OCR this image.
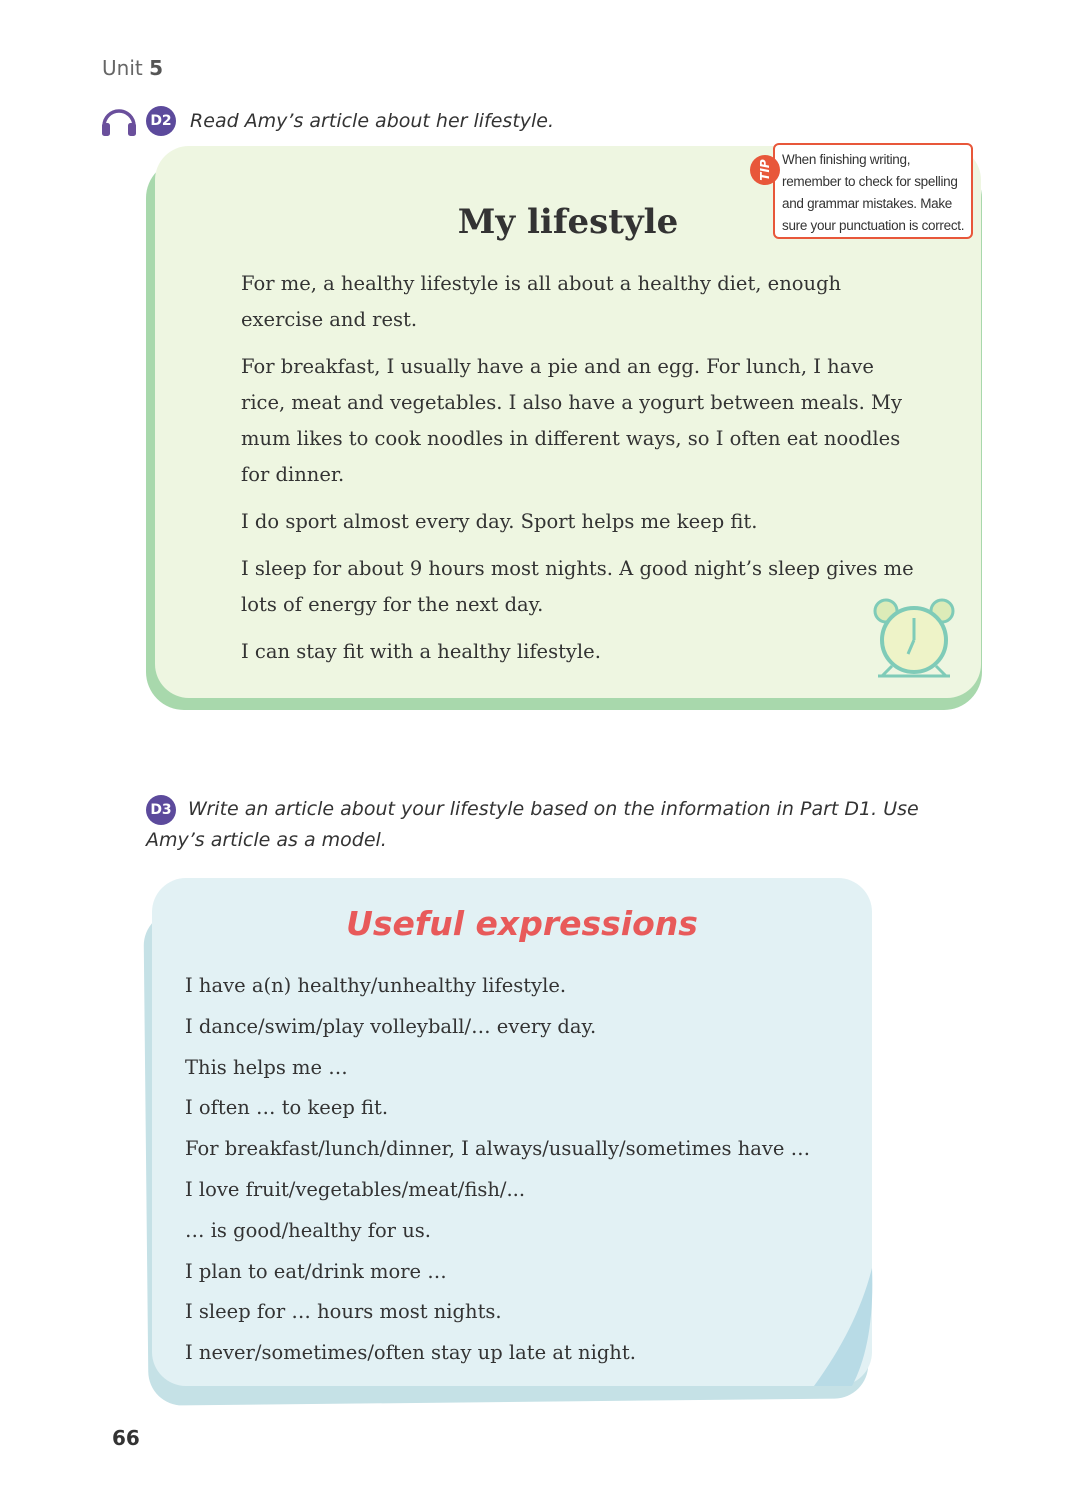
Unit 5
D2 Read Amy’s article about her lifestyle.
My lifestyle

For me, a healthy lifestyle is all about a healthy diet, enough exercise and rest.

For breakfast, I usually have a pie and an egg. For lunch, I have rice, meat and vegetables. I also have a yogurt between meals. My mum likes to cook noodles in different ways, so I often eat noodles for dinner.

I do sport almost every day. Sport helps me keep fit.

I sleep for about 9 hours most nights. A good night’s sleep gives me lots of energy for the next day.

I can stay fit with a healthy lifestyle.

When finishing writing, remember to check for spelling and grammar mistakes. Make sure your punctuation is correct.
TIP
D3 Write an article about your lifestyle based on the information in Part D1. Use Amy’s article as a model.
Useful expressions
I have a(n) healthy/unhealthy lifestyle.
I dance/swim/play volleyball/… every day.
This helps me …
I often … to keep fit.
For breakfast/lunch/dinner, I always/usually/sometimes have …
I love fruit/vegetables/meat/fish/...
… is good/healthy for us.
I plan to eat/drink more …
I sleep for … hours most nights.
I never/sometimes/often stay up late at night.
66
